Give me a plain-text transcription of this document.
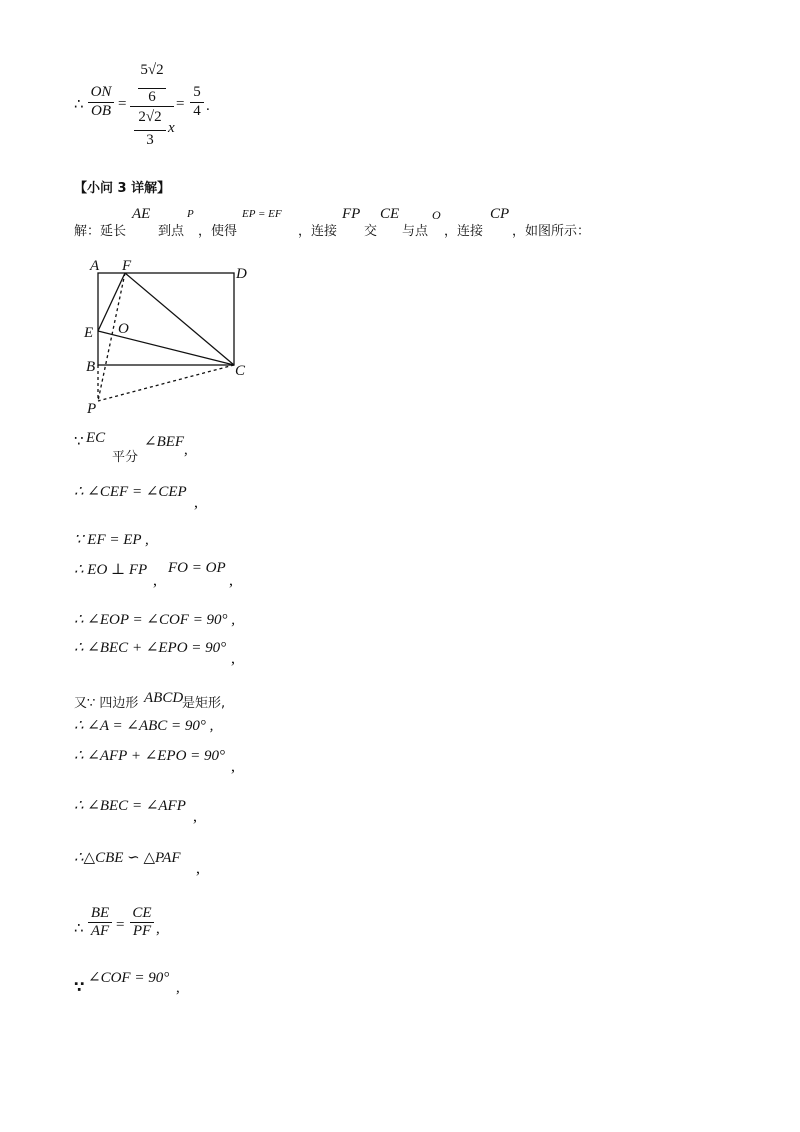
∴ $\frac{ON}{OB}$ =
5√2
6
2√2
x
3
= $\frac{5}{4}$ .
【小问 3 详解】
解：延长
AE
到点
P
，使得
EP = EF
，连接
FP
交
CE
与点
O
，连接
CP
，如图所示：
A F	D
E O
B	C
P
∵ EC
平分
∠BEF ,
∴ ∠CEF = ∠CEP
,
∵ EF = EP ,
∴ EO ⊥ FP
,
FO = OP
,
∴ ∠EOP = ∠COF = 90° ,
∴ ∠BEC + ∠EPO = 90°
,
又∵ 四边形 ABCD
是矩形,
∴ ∠A = ∠ABC = 90° ,
∴ ∠AFP + ∠EPO = 90°
,
∴ ∠BEC = ∠AFP
,
∴△CBE ∽ △PAF
,
∴
BE
AF =
CE
PF ,
∵ ∠COF = 90°
,
